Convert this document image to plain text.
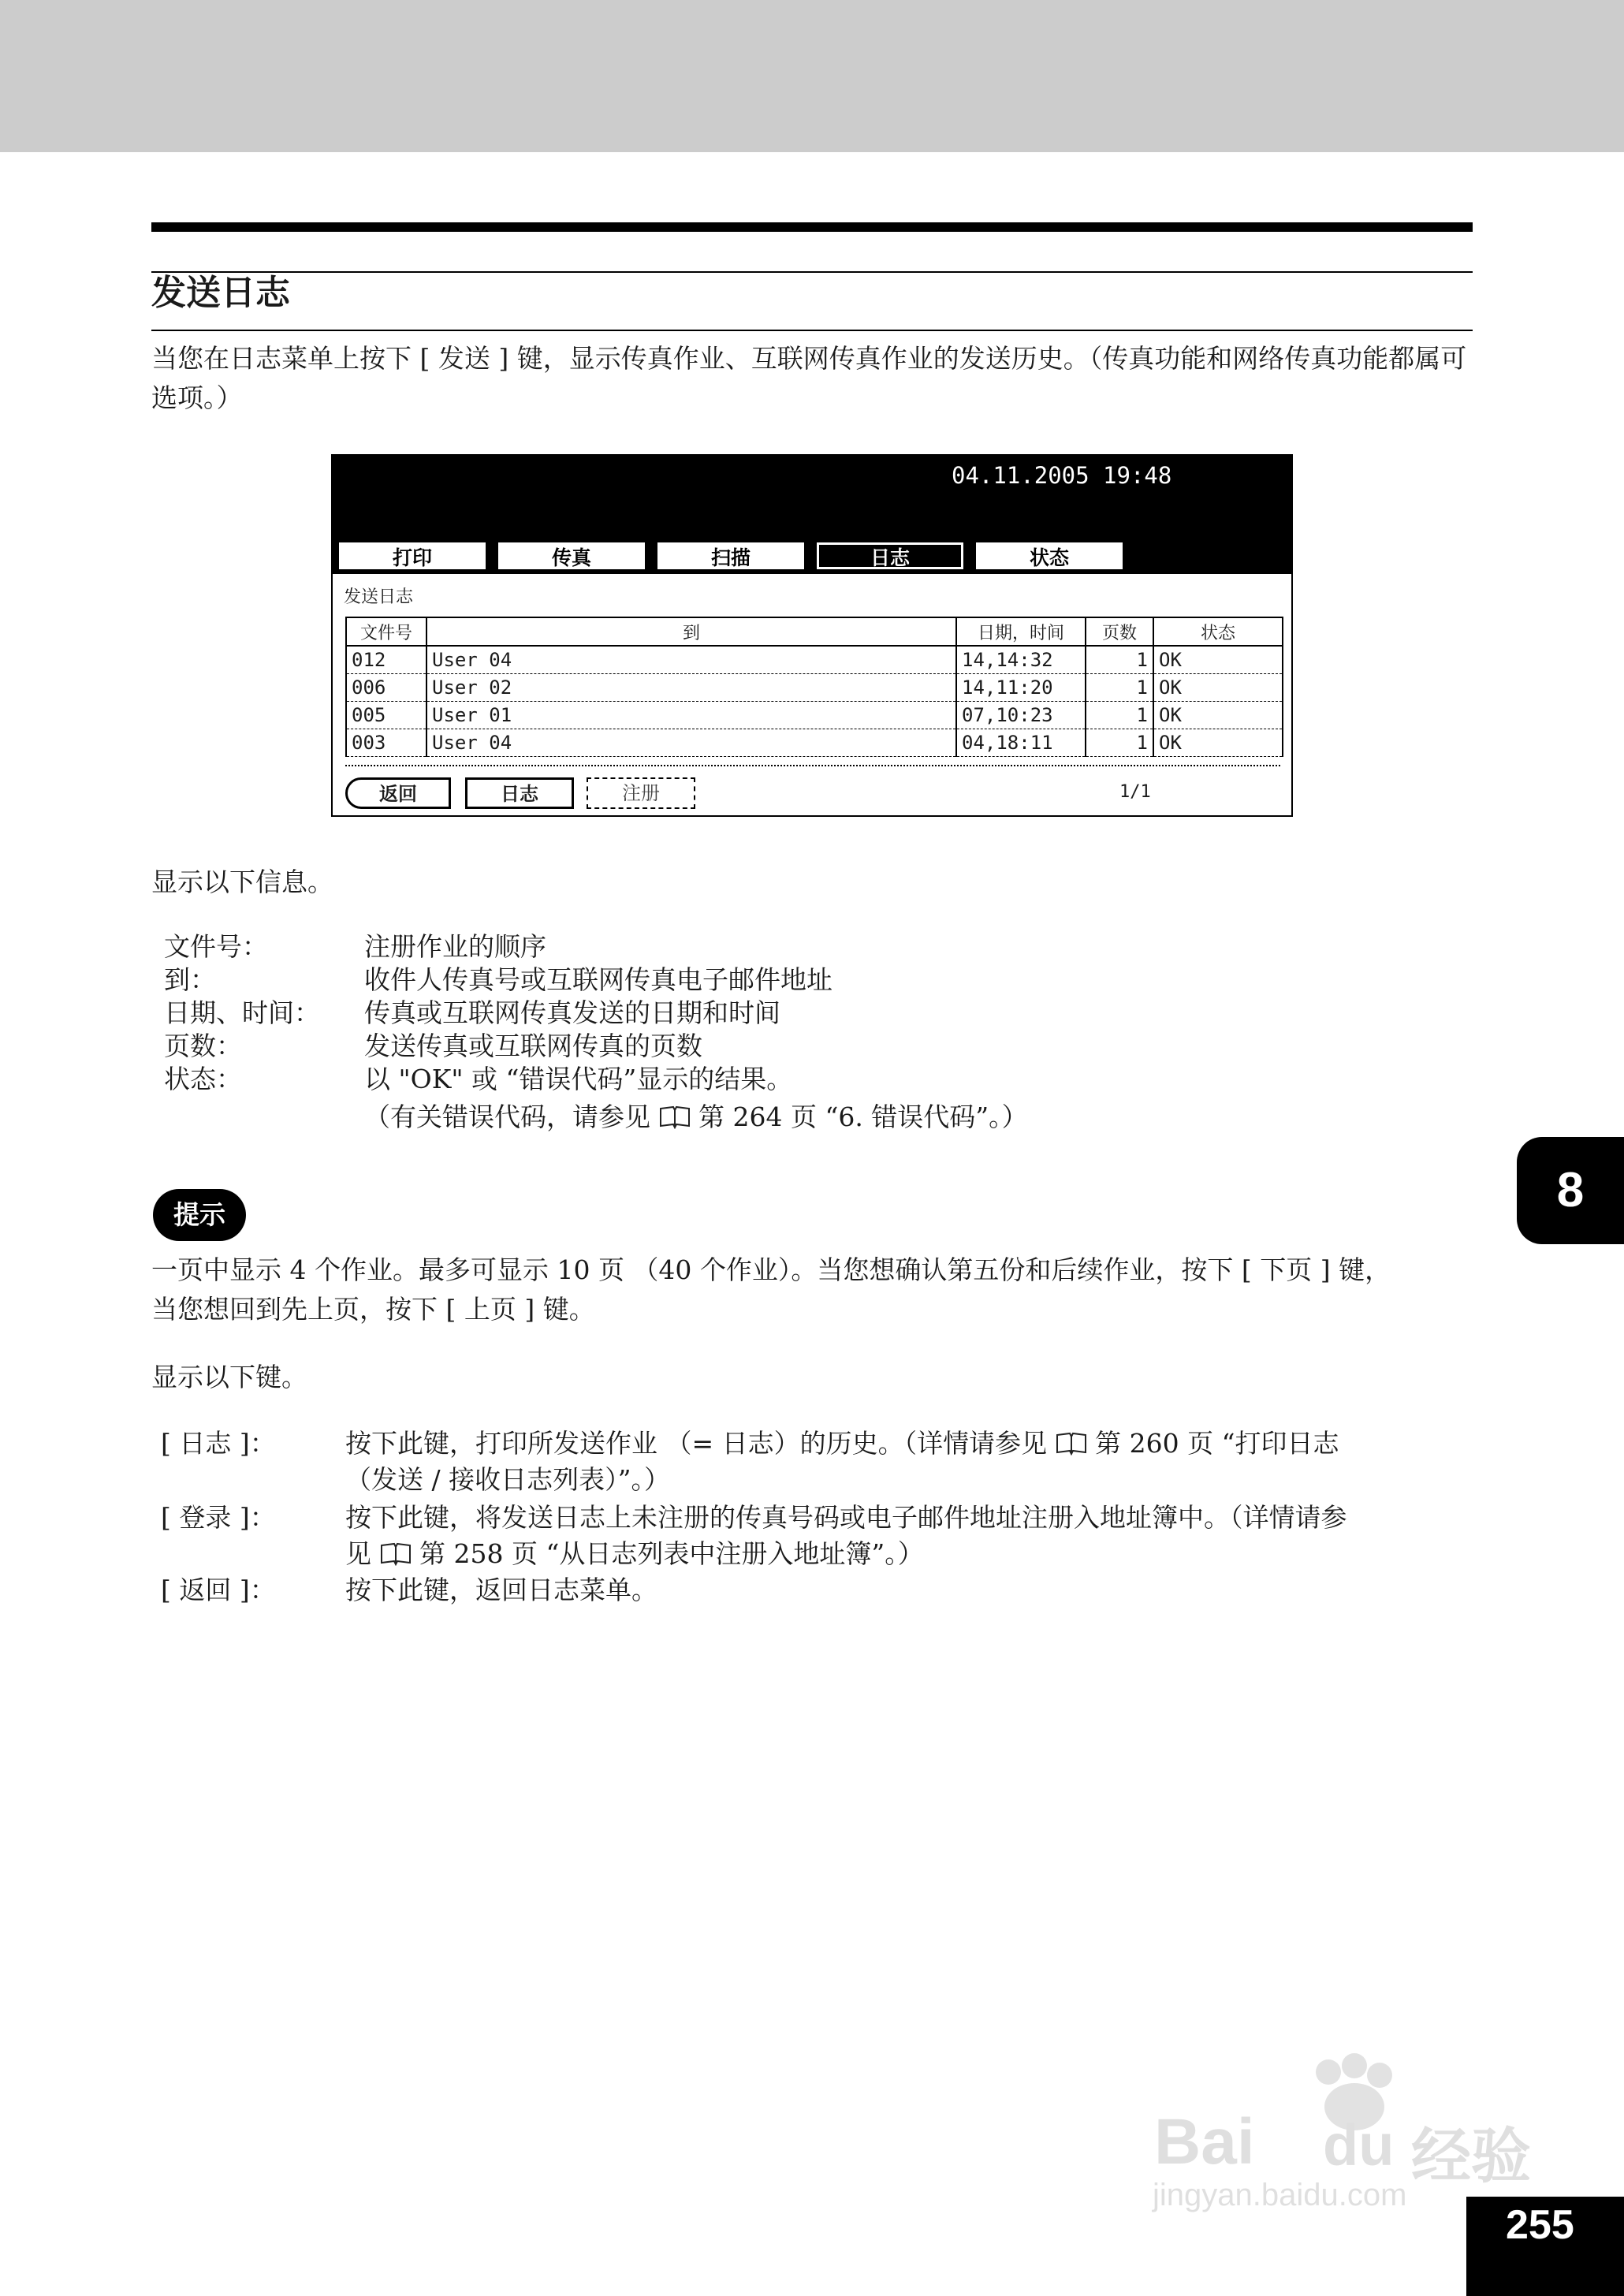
发送日志

当您在日志菜单上按下 [ 发送 ] 键，显示传真作业、互联网传真作业的发送历史。（传真功能和网络传真功能都属可选项。）

04.11.2005 19:48
打印	传真	扫描	日志	状态
发送日志
文件号	到	日期，时间	页数	状态
012	User 04	14,14:32	1	OK
006	User 02	14,11:20	1	OK
005	User 01	07,10:23	1	OK
003	User 04	04,18:11	1	OK
返回	日志	注册	1/1
显示以下信息。
文件号：	注册作业的顺序
到：	收件人传真号或互联网传真电子邮件地址
日期、时间： 传真或互联网传真发送的日期和时间
页数：	发送传真或互联网传真的页数
状态：	以 "OK" 或 “错误代码”显示的结果。
（有关错误代码，请参见 第 264 页 “6. 错误代码”。）
8
提示
一页中显示 4 个作业。最多可显示 10 页 （40 个作业）。当您想确认第五份和后续作业，按下 [ 下页 ] 键，
当您想回到先上页，按下 [ 上页 ] 键。
显示以下键。
[ 日志 ]：	按下此键，打印所发送作业 （= 日志）的历史。（详情请参见 第 260 页 “打印日志
（发送 / 接收日志列表）”。）
[ 登录 ]：	按下此键，将发送日志上未注册的传真号码或电子邮件地址注册入地址簿中。（详情请参
见 第 258 页 “从日志列表中注册入地址簿”。）
[ 返回 ]：	按下此键，返回日志菜单。
Bai du 经验
jingyan.baidu.com
255
